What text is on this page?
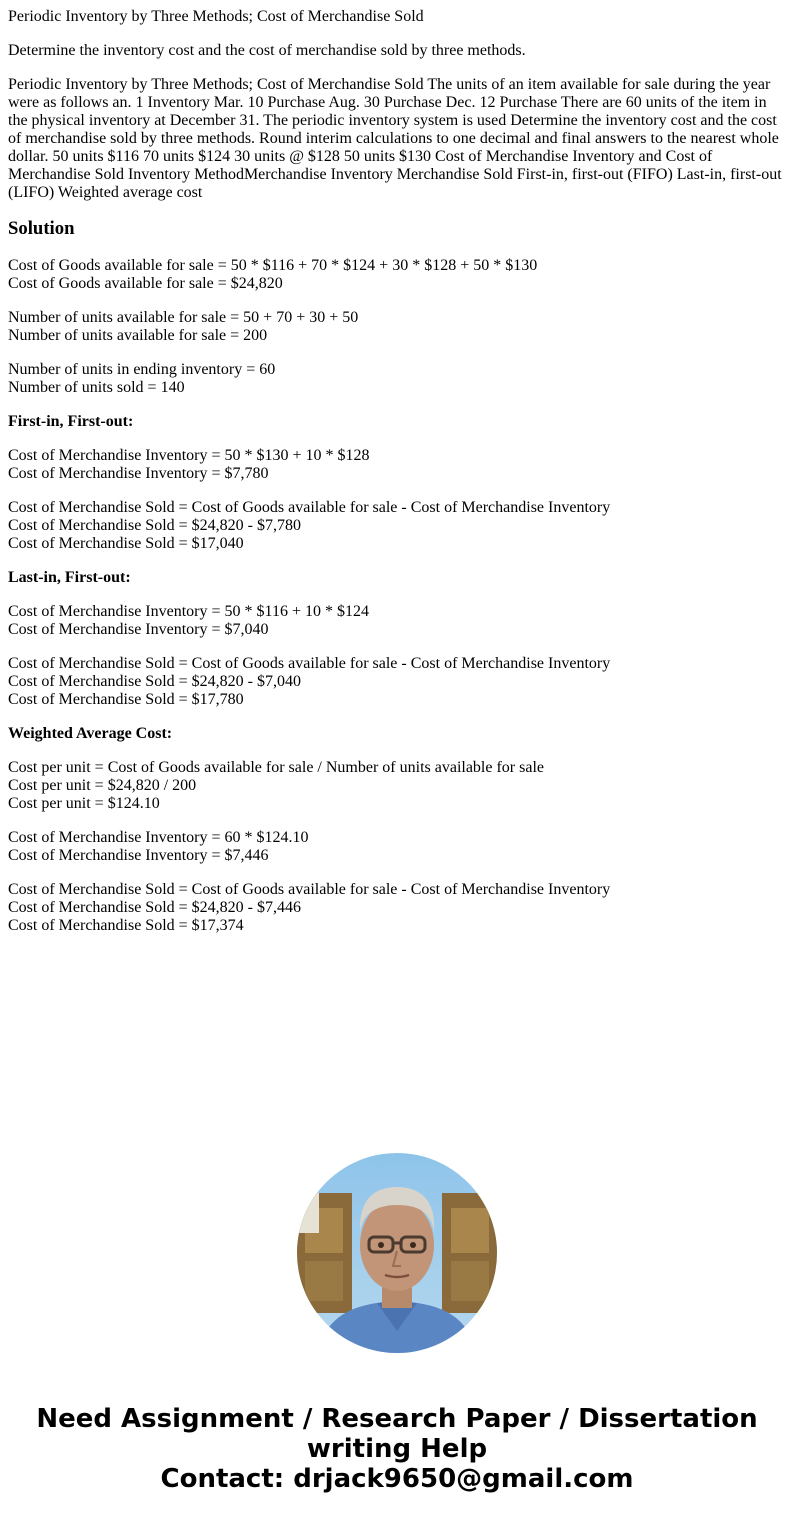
Periodic Inventory by Three Methods; Cost of Merchandise Sold

Determine the inventory cost and the cost of merchandise sold by three methods.

Periodic Inventory by Three Methods; Cost of Merchandise Sold The units of an item available for sale during the year were as follows an. 1 Inventory Mar. 10 Purchase Aug. 30 Purchase Dec. 12 Purchase There are 60 units of the item in the physical inventory at December 31. The periodic inventory system is used Determine the inventory cost and the cost of merchandise sold by three methods. Round interim calculations to one decimal and final answers to the nearest whole dollar. 50 units $116 70 units $124 30 units @ $128 50 units $130 Cost of Merchandise Inventory and Cost of Merchandise Sold Inventory MethodMerchandise Inventory Merchandise Sold First-in, first-out (FIFO) Last-in, first-out (LIFO) Weighted average cost

Solution

Cost of Goods available for sale = 50 * $116 + 70 * $124 + 30 * $128 + 50 * $130
Cost of Goods available for sale = $24,820

Number of units available for sale = 50 + 70 + 30 + 50
Number of units available for sale = 200

Number of units in ending inventory = 60
Number of units sold = 140

First-in, First-out:

Cost of Merchandise Inventory = 50 * $130 + 10 * $128
Cost of Merchandise Inventory = $7,780

Cost of Merchandise Sold = Cost of Goods available for sale - Cost of Merchandise Inventory
Cost of Merchandise Sold = $24,820 - $7,780
Cost of Merchandise Sold = $17,040

Last-in, First-out:

Cost of Merchandise Inventory = 50 * $116 + 10 * $124
Cost of Merchandise Inventory = $7,040

Cost of Merchandise Sold = Cost of Goods available for sale - Cost of Merchandise Inventory
Cost of Merchandise Sold = $24,820 - $7,040
Cost of Merchandise Sold = $17,780

Weighted Average Cost:

Cost per unit = Cost of Goods available for sale / Number of units available for sale
Cost per unit = $24,820 / 200
Cost per unit = $124.10

Cost of Merchandise Inventory = 60 * $124.10
Cost of Merchandise Inventory = $7,446

Cost of Merchandise Sold = Cost of Goods available for sale - Cost of Merchandise Inventory
Cost of Merchandise Sold = $24,820 - $7,446
Cost of Merchandise Sold = $17,374

Need Assignment / Research Paper / Dissertation
writing Help
Contact: drjack9650@gmail.com
